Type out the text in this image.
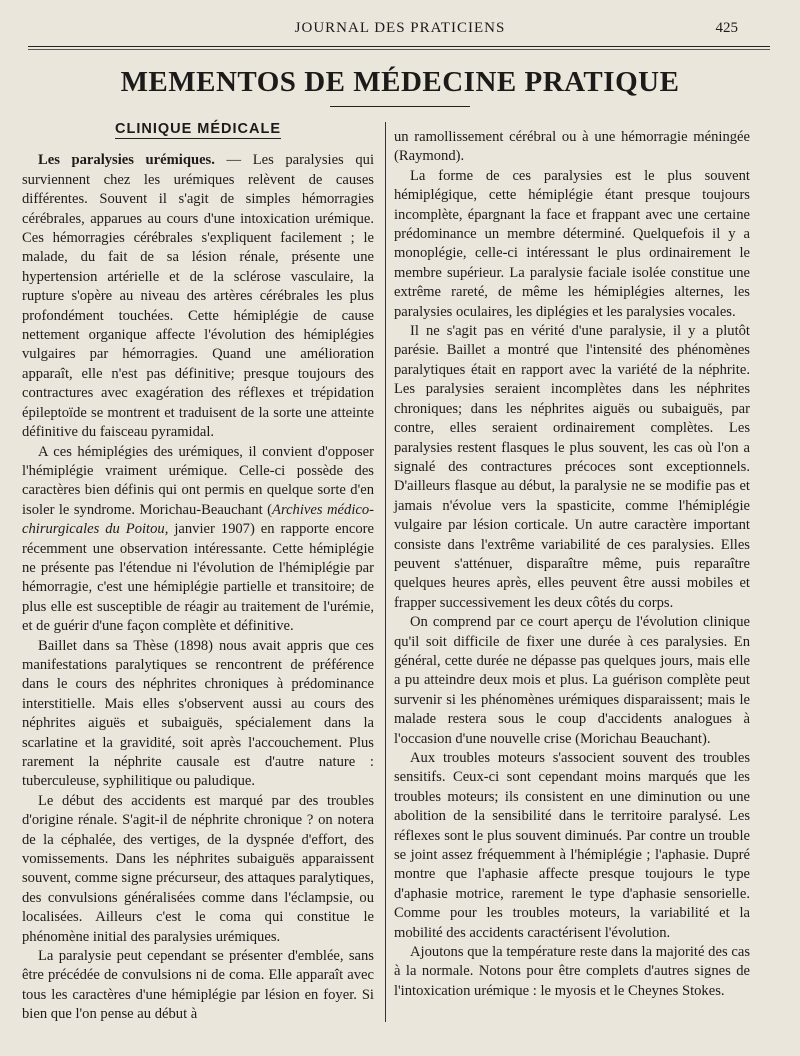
JOURNAL DES PRATICIENS	425
MEMENTOS DE MÉDECINE PRATIQUE
CLINIQUE MÉDICALE

Les paralysies urémiques. — Les paralysies qui surviennent chez les urémiques relèvent de causes différentes. Souvent il s'agit de simples hémorragies cérébrales, apparues au cours d'une intoxication urémique. Ces hémorragies cérébrales s'expliquent facilement ; le malade, du fait de sa lésion rénale, présente une hypertension artérielle et de la sclérose vasculaire, la rupture s'opère au niveau des artères cérébrales les plus profondément touchées. Cette hémiplégie de cause nettement organique affecte l'évolution des hémiplégies vulgaires par hémorragies. Quand une amélioration apparaît, elle n'est pas définitive; presque toujours des contractures avec exagération des réflexes et trépidation épileptoïde se montrent et traduisent de la sorte une atteinte définitive du faisceau pyramidal.

A ces hémiplégies des urémiques, il convient d'opposer l'hémiplégie vraiment urémique. Celle-ci possède des caractères bien définis qui ont permis en quelque sorte d'en isoler le syndrome. Morichau-Beauchant (Archives médico-chirurgicales du Poitou, janvier 1907) en rapporte encore récemment une observation intéressante. Cette hémiplégie ne présente pas l'étendue ni l'évolution de l'hémiplégie par hémorragie, c'est une hémiplégie partielle et transitoire; de plus elle est susceptible de réagir au traitement de l'urémie, et de guérir d'une façon complète et définitive.

Baillet dans sa Thèse (1898) nous avait appris que ces manifestations paralytiques se rencontrent de préférence dans le cours des néphrites chroniques à prédominance interstitielle. Mais elles s'observent aussi au cours des néphrites aiguës et subaiguës, spécialement dans la scarlatine et la gravidité, soit après l'accouchement. Plus rarement la néphrite causale est d'autre nature : tuberculeuse, syphilitique ou paludique.

Le début des accidents est marqué par des troubles d'origine rénale. S'agit-il de néphrite chronique ? on notera de la céphalée, des vertiges, de la dyspnée d'effort, des vomissements. Dans les néphrites subaiguës apparaissent souvent, comme signe précurseur, des attaques paralytiques, des convulsions généralisées comme dans l'éclampsie, ou localisées. Ailleurs c'est le coma qui constitue le phénomène initial des paralysies urémiques.

La paralysie peut cependant se présenter d'emblée, sans être précédée de convulsions ni de coma. Elle apparaît avec tous les caractères d'une hémiplégie par lésion en foyer. Si bien que l'on pense au début à

un ramollissement cérébral ou à une hémorragie méningée (Raymond).

La forme de ces paralysies est le plus souvent hémiplégique, cette hémiplégie étant presque toujours incomplète, épargnant la face et frappant avec une certaine prédominance un membre déterminé. Quelquefois il y a monoplégie, celle-ci intéressant le plus ordinairement le membre supérieur. La paralysie faciale isolée constitue une extrême rareté, de même les hémiplégies alternes, les paralysies oculaires, les diplégies et les paralysies vocales.

Il ne s'agit pas en vérité d'une paralysie, il y a plutôt parésie. Baillet a montré que l'intensité des phénomènes paralytiques était en rapport avec la variété de la néphrite. Les paralysies seraient incomplètes dans les néphrites chroniques; dans les néphrites aiguës ou subaiguës, par contre, elles seraient ordinairement complètes. Les paralysies restent flasques le plus souvent, les cas où l'on a signalé des contractures précoces sont exceptionnels. D'ailleurs flasque au début, la paralysie ne se modifie pas et jamais n'évolue vers la spasticite, comme l'hémiplégie vulgaire par lésion corticale. Un autre caractère important consiste dans l'extrême variabilité de ces paralysies. Elles peuvent s'atténuer, disparaître même, puis reparaître quelques heures après, elles peuvent être aussi mobiles et frapper successivement les deux côtés du corps.

On comprend par ce court aperçu de l'évolution clinique qu'il soit difficile de fixer une durée à ces paralysies. En général, cette durée ne dépasse pas quelques jours, mais elle a pu atteindre deux mois et plus. La guérison complète peut survenir si les phénomènes urémiques disparaissent; mais le malade restera sous le coup d'accidents analogues à l'occasion d'une nouvelle crise (Morichau Beauchant).

Aux troubles moteurs s'associent souvent des troubles sensitifs. Ceux-ci sont cependant moins marqués que les troubles moteurs; ils consistent en une diminution ou une abolition de la sensibilité dans le territoire paralysé. Les réflexes sont le plus souvent diminués. Par contre un trouble se joint assez fréquemment à l'hémiplégie ; l'aphasie. Dupré montre que l'aphasie affecte presque toujours le type d'aphasie motrice, rarement le type d'aphasie sensorielle. Comme pour les troubles moteurs, la variabilité et la mobilité des accidents caractérisent l'évolution.

Ajoutons que la température reste dans la majorité des cas à la normale. Notons pour être complets d'autres signes de l'intoxication urémique : le myosis et le Cheynes Stokes.
